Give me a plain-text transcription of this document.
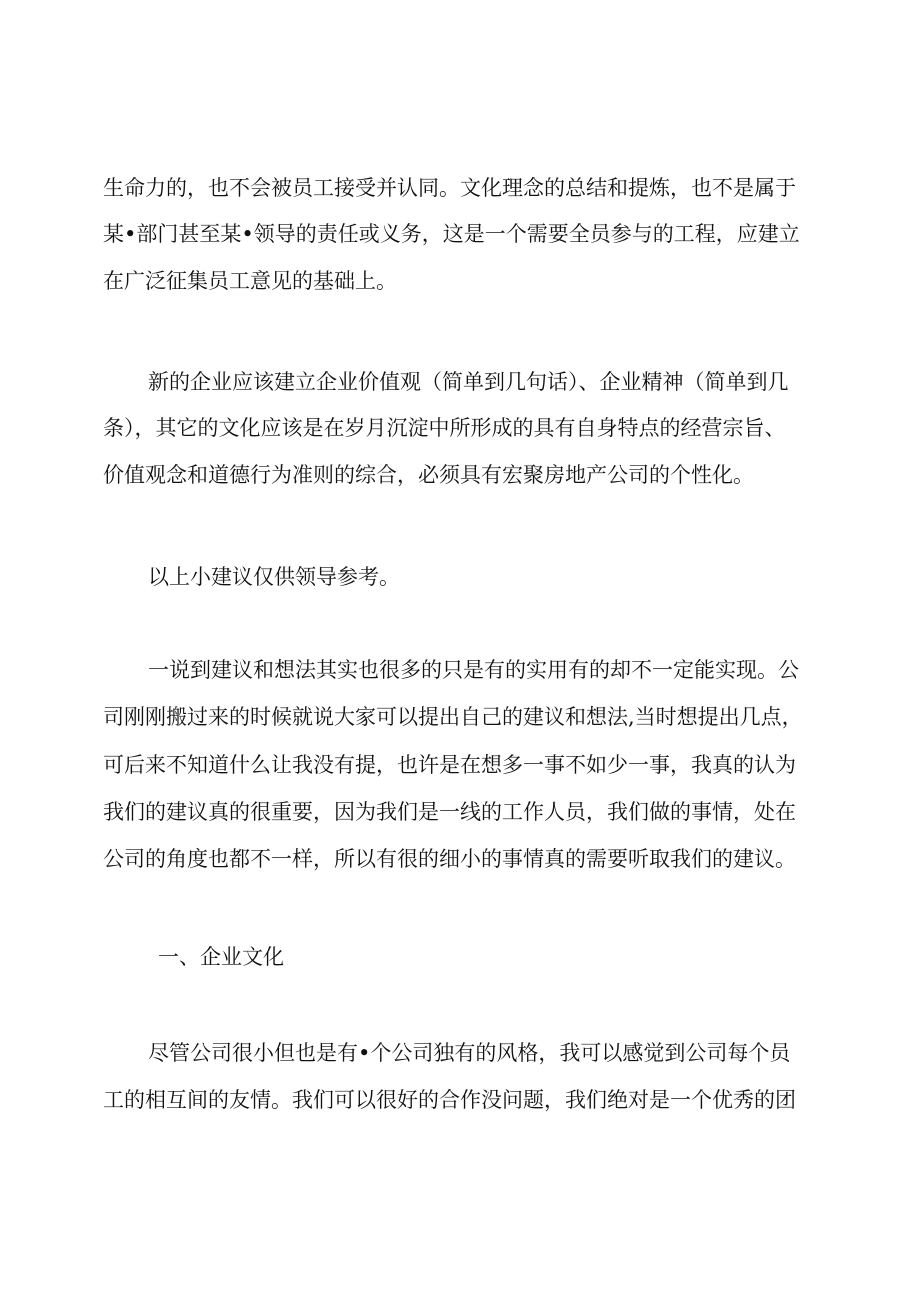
生命力的，也不会被员工接受并认同。文化理念的总结和提炼，也不是属于
某•部门甚至某•领导的责任或义务，这是一个需要全员参与的工程，应建立
在广泛征集员工意见的基础上。
新的企业应该建立企业价值观（简单到几句话）、企业精神（简单到几
条），其它的文化应该是在岁月沉淀中所形成的具有自身特点的经营宗旨、
价值观念和道德行为准则的综合，必须具有宏聚房地产公司的个性化。
以上小建议仅供领导参考。
一说到建议和想法其实也很多的只是有的实用有的却不一定能实现。公
司刚刚搬过来的时候就说大家可以提出自己的建议和想法,当时想提出几点，
可后来不知道什么让我没有提，也许是在想多一事不如少一事，我真的认为
我们的建议真的很重要，因为我们是一线的工作人员，我们做的事情，处在
公司的角度也都不一样，所以有很的细小的事情真的需要听取我们的建议。
一、企业文化
尽管公司很小但也是有•个公司独有的风格，我可以感觉到公司每个员
工的相互间的友情。我们可以很好的合作没问题，我们绝对是一个优秀的团
